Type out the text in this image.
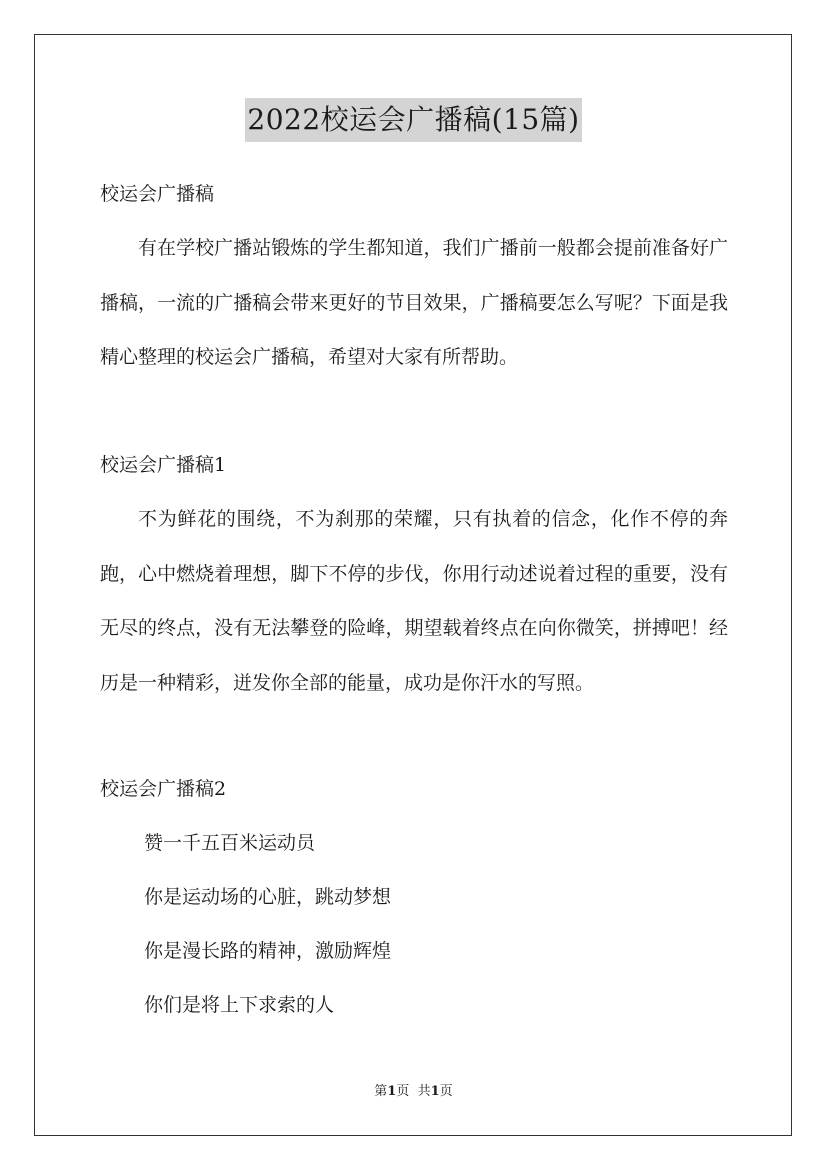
2022校运会广播稿(15篇)

校运会广播稿

有在学校广播站锻炼的学生都知道，我们广播前一般都会提前准备好广播稿，一流的广播稿会带来更好的节目效果，广播稿要怎么写呢？下面是我精心整理的校运会广播稿，希望对大家有所帮助。

校运会广播稿1

不为鲜花的围绕，不为刹那的荣耀，只有执着的信念，化作不停的奔跑，心中燃烧着理想，脚下不停的步伐，你用行动述说着过程的重要，没有无尽的终点，没有无法攀登的险峰，期望载着终点在向你微笑，拼搏吧！经历是一种精彩，迸发你全部的能量，成功是你汗水的写照。

校运会广播稿2

赞一千五百米运动员

你是运动场的心脏，跳动梦想

你是漫长路的精神，激励辉煌

你们是将上下求索的人

第1页 共1页
